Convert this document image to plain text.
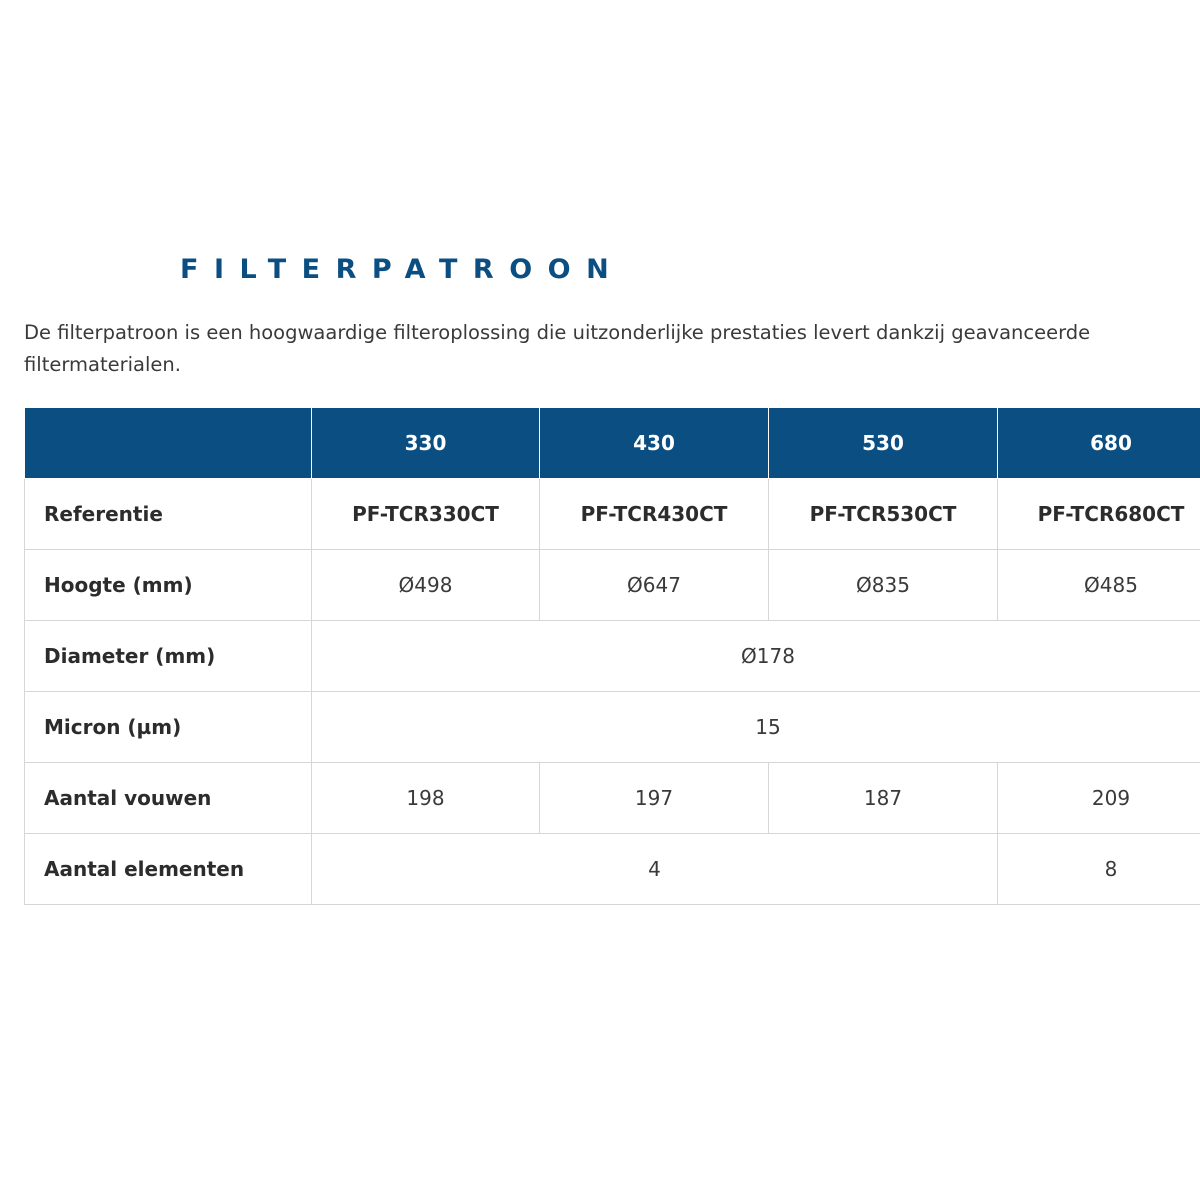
FILTERPATROON

De filterpatroon is een hoogwaardige filteroplossing die uitzonderlijke prestaties levert dankzij geavanceerde filtermaterialen.

	330	430	530	680
Referentie	PF-TCR330CT	PF-TCR430CT	PF-TCR530CT	PF-TCR680CT
Hoogte (mm)	Ø498	Ø647	Ø835	Ø485
Diameter (mm)	Ø178			
Micron (µm)	15			
Aantal vouwen	198	197	187	209
Aantal elementen	4			8
